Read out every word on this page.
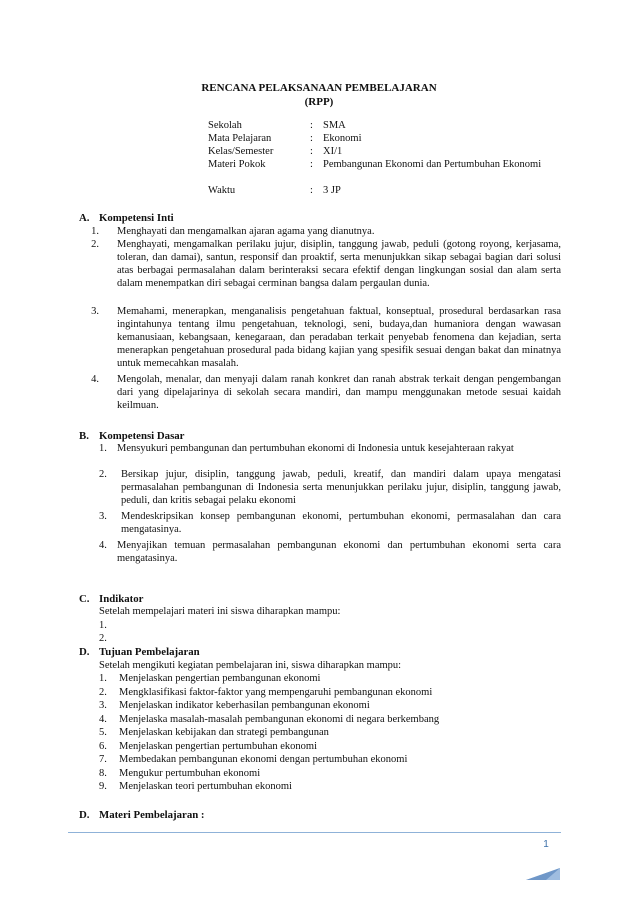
RENCANA PELAKSANAAN PEMBELAJARAN
(RPP)
Sekolah	: SMA
Mata Pelajaran	: Ekonomi
Kelas/Semester	: XI/1
Materi Pokok	: Pembangunan Ekonomi dan Pertumbuhan Ekonomi
Waktu	: 3 JP
A. Kompetensi Inti
1. Menghayati dan mengamalkan ajaran agama yang dianutnya.
2. Menghayati, mengamalkan perilaku jujur, disiplin, tanggung jawab, peduli (gotong royong, kerjasama, toleran, dan damai), santun, responsif dan proaktif, serta menunjukkan sikap sebagai bagian dari solusi atas berbagai permasalahan dalam berinteraksi secara efektif dengan lingkungan sosial dan alam serta dalam menempatkan diri sebagai cerminan bangsa dalam pergaulan dunia.
3. Memahami, menerapkan, menganalisis pengetahuan faktual, konseptual, prosedural berdasarkan rasa ingintahunya tentang ilmu pengetahuan, teknologi, seni, budaya,dan humaniora dengan wawasan kemanusiaan, kebangsaan, kenegaraan, dan peradaban terkait penyebab fenomena dan kejadian, serta menerapkan pengetahuan prosedural pada bidang kajian yang spesifik sesuai dengan bakat dan minatnya untuk memecahkan masalah.
4. Mengolah, menalar, dan menyaji dalam ranah konkret dan ranah abstrak terkait dengan pengembangan dari yang dipelajarinya di sekolah secara mandiri, dan mampu menggunakan metode sesuai kaidah keilmuan.
B. Kompetensi Dasar
1. Mensyukuri pembangunan dan pertumbuhan ekonomi di Indonesia untuk kesejahteraan rakyat
2. Bersikap jujur, disiplin, tanggung jawab, peduli, kreatif, dan mandiri dalam upaya mengatasi permasalahan pembangunan di Indonesia serta menunjukkan perilaku jujur, disiplin, tanggung jawab, peduli, dan kritis sebagai pelaku ekonomi
3. Mendeskripsikan konsep pembangunan ekonomi, pertumbuhan ekonomi, permasalahan dan cara mengatasinya.
4. Menyajikan temuan permasalahan pembangunan ekonomi dan pertumbuhan ekonomi serta cara mengatasinya.
C. Indikator
Setelah mempelajari materi ini siswa diharapkan mampu:
1.
2.
D. Tujuan Pembelajaran
Setelah mengikuti kegiatan pembelajaran ini, siswa diharapkan mampu:
1. Menjelaskan pengertian pembangunan ekonomi
2. Mengklasifikasi faktor-faktor yang mempengaruhi pembangunan ekonomi
3. Menjelaskan indikator keberhasilan pembangunan ekonomi
4. Menjelaska masalah-masalah pembangunan ekonomi di negara berkembang
5. Menjelaskan kebijakan dan strategi pembangunan
6. Menjelaskan pengertian pertumbuhan ekonomi
7. Membedakan pembangunan ekonomi dengan pertumbuhan ekonomi
8. Mengukur pertumbuhan ekonomi
9. Menjelaskan teori pertumbuhan ekonomi
D. Materi Pembelajaran :
1
